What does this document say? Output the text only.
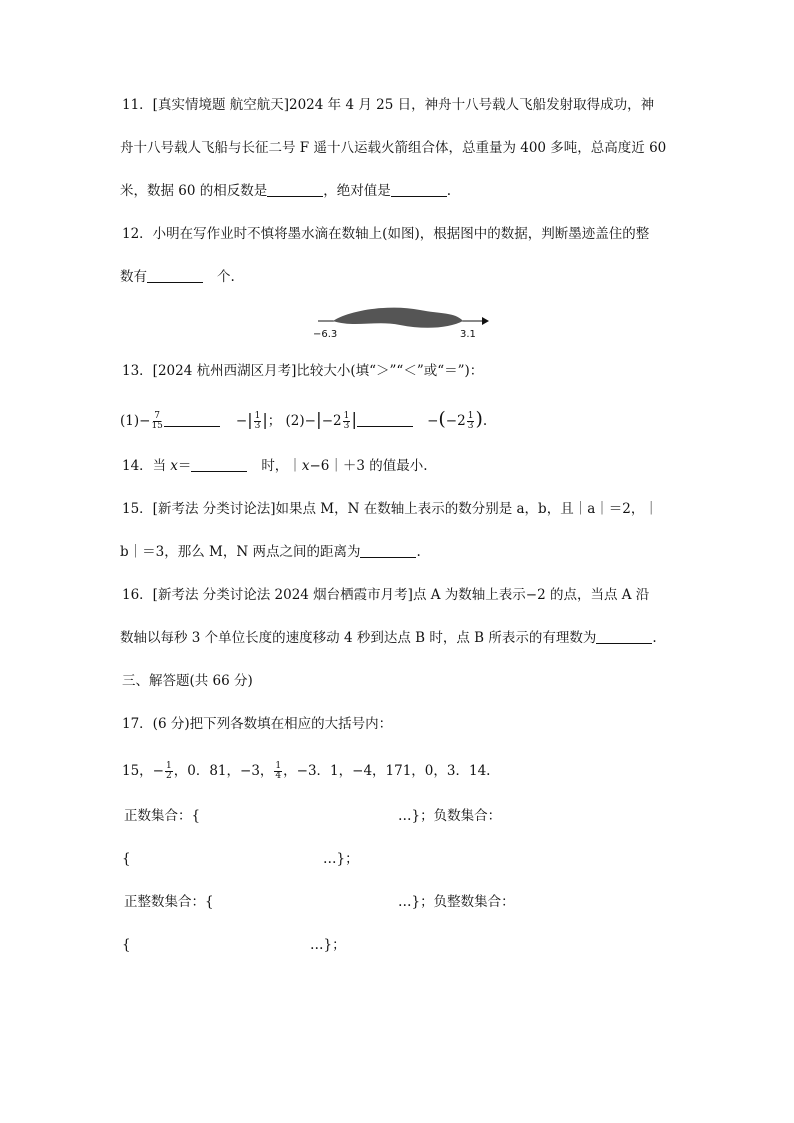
11．[真实情境题 航空航天]2024 年 4 月 25 日，神舟十八号载人飞船发射取得成功，神
舟十八号载人飞船与长征二号 F 遥十八运载火箭组合体，总重量为 400 多吨，总高度近 60
米，数据 60 的相反数是	，绝对值是	.
12．小明在写作业时不慎将墨水滴在数轴上(如图)，根据图中的数据，判断墨迹盖住的整
数有	个.
−6.3	3.1
13．[2024 杭州西湖区月考]比较大小(填“＞”“＜”或“＝”)：
$(1)- \frac{7}{15}$	−| $\frac{1}{3}$ |； $(2)-|-2 \frac{1}{3}$ |	$-(-2 \frac{1}{3}$ ).
14．当 x＝	时，｜x−6｜＋3 的值最小.
15．[新考法 分类讨论法]如果点 M，N 在数轴上表示的数分别是 a，b，且｜a｜＝2，｜
b｜＝3，那么 M，N 两点之间的距离为	.
16．[新考法 分类讨论法 2024 烟台栖霞市月考]点 A 为数轴上表示−2 的点，当点 A 沿
数轴以每秒 3 个单位长度的速度移动 4 秒到达点 B 时，点 B 所表示的有理数为	.
三、解答题(共 66 分)
17．(6 分)把下列各数填在相应的大括号内：
15，− $\frac{1}{2}$ ，0．81，−3， $\frac{1}{4}$ ，−3．1，−4，171，0，3．14.
正数集合：{	…}；负数集合：
{	…}；
正整数集合：{	…}；负整数集合：
{	…}；
